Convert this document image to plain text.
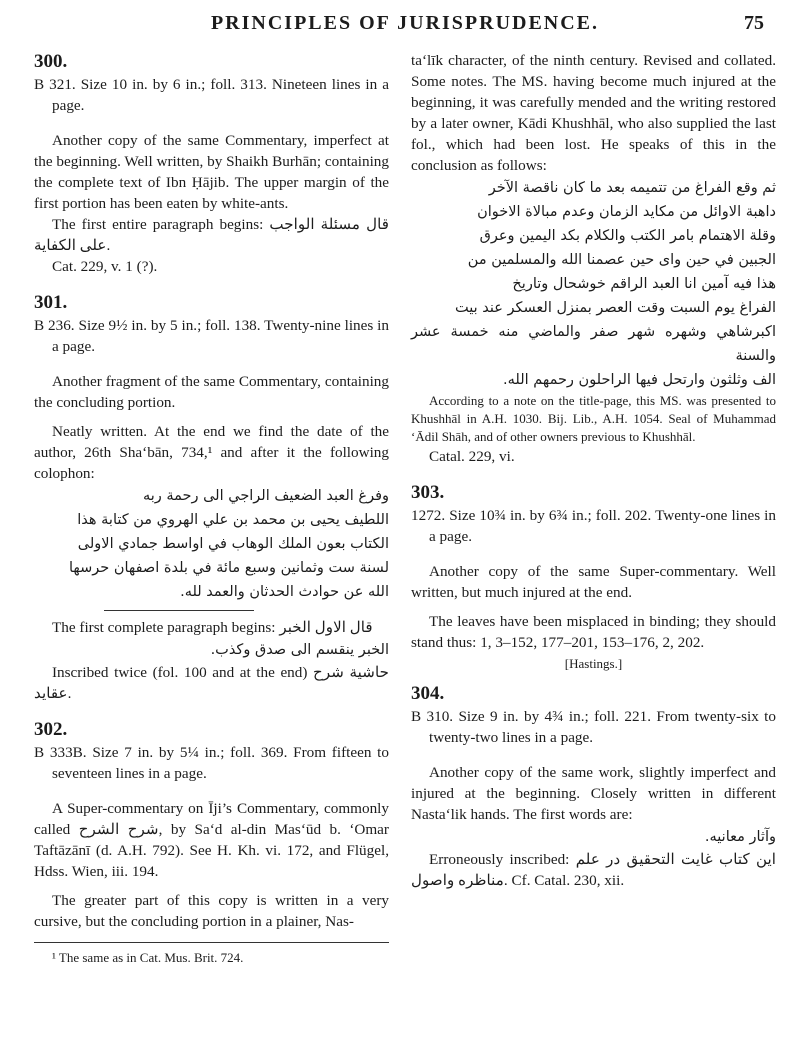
PRINCIPLES OF JURISPRUDENCE.	75

300.

B 321. Size 10 in. by 6 in.; foll. 313. Nineteen lines in a page.

Another copy of the same Commentary, imperfect at the beginning. Well written, by Shaikh Burhān; containing the complete text of Ibn Ḥājib. The upper margin of the first portion has been eaten by white-ants.

The first entire paragraph begins: قال مسئلة الواجب على الكفاية.

Cat. 229, v. 1 (?).

301.

B 236. Size 9½ in. by 5 in.; foll. 138. Twenty-nine lines in a page.

Another fragment of the same Commentary, containing the concluding portion.

Neatly written. At the end we find the date of the author, 26th Sha‘bān, 734,¹ and after it the following colophon:

وفرغ العبد الضعيف الراجي الى رحمة ربه

اللطيف يحيى بن محمد بن علي الهروي من كتابة هذا

الكتاب بعون الملك الوهاب في اواسط جمادي الاولى

لسنة ست وثمانين وسبع مائة في بلدة اصفهان حرسها

الله عن حوادث الحدثان والعمد لله.

The first complete paragraph begins: قال الاول الخبر

الخبر ينقسم الى صدق وكذب.

Inscribed twice (fol. 100 and at the end) حاشية شرح عقايد.

302.

B 333B. Size 7 in. by 5¼ in.; foll. 369. From fifteen to seventeen lines in a page.

A Super-commentary on Īji’s Commentary, commonly called شرح الشرح, by Sa‘d al-din Mas‘ūd b. ‘Omar Taftāzānī (d. A.H. 792). See H. Kh. vi. 172, and Flügel, Hdss. Wien, iii. 194.

The greater part of this copy is written in a very cursive, but the concluding portion in a plainer, Nas-

¹ The same as in Cat. Mus. Brit. 724.

ta‘līk character, of the ninth century. Revised and collated. Some notes. The MS. having become much injured at the beginning, it was carefully mended and the writing restored by a later owner, Kādi Khushhāl, who also supplied the last fol., which had been lost. He speaks of this in the conclusion as follows:

ثم وقع الفراغ من تتميمه بعد ما كان ناقصة الآخر

داهبة الاوائل من مكايد الزمان وعدم مبالاة الاخوان

وقلة الاهتمام بامر الكتب والكلام بكد اليمين وعرق

الجبين في حين واى حين عصمنا الله والمسلمين من

هذا فيه آمين انا العبد الراقم خوشحال وتاريخ

الفراغ يوم السبت وقت العصر بمنزل العسكر عند بيت

اكبرشاهي وشهره شهر صفر والماضي منه خمسة عشر والسنة

الف وثلثون وارتحل فيها الراحلون رحمهم الله.

According to a note on the title-page, this MS. was presented to Khushhāl in A.H. 1030. Bij. Lib., A.H. 1054. Seal of Muhammad ‘Ādil Shāh, and of other owners previous to Khushhāl.

Catal. 229, vi.

303.

1272. Size 10¾ in. by 6¾ in.; foll. 202. Twenty-one lines in a page.

Another copy of the same Super-commentary. Well written, but much injured at the end.

The leaves have been misplaced in binding; they should stand thus: 1, 3–152, 177–201, 153–176, 2, 202.

[Hastings.]

304.

B 310. Size 9 in. by 4¾ in.; foll. 221. From twenty-six to twenty-two lines in a page.

Another copy of the same work, slightly imperfect and injured at the beginning. Closely written in different Nasta‘lik hands. The first words are:

وآثار معانيه.

Erroneously inscribed: اين كتاب غايت التحقيق در علم مناظره واصول. Cf. Catal. 230, xii.
